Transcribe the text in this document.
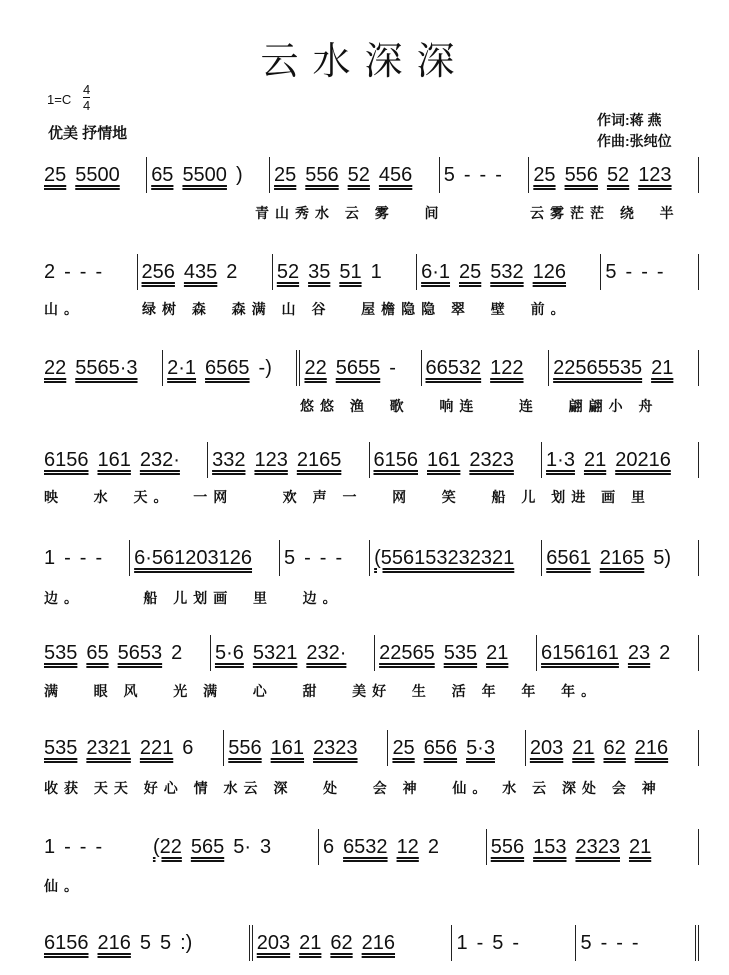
云水深深
1=C
4
4
优美 抒情地
作词:蒋 燕
作曲:张纯位
25 5500 65 5500 ) 25 556 52 456 5 - - - 25 556 52 123
青山秀水 云 雾   间	云雾茫茫 绕  半
2 - - - 256 435 2 52 35 51 1 6·1 25 532 126 5 - - -
山。	绿树 森  森满 山 谷   屋檐隐隐 翠  壁  前。
22 5565·3 2·1 6565 -) 22 5655 - 66532 122 22565535 21
悠悠 渔  歌   响连    连   翩翩小 舟
6156 161 232· 332 123 2165 6156 161 2323 1·3 21 20216
映   水  天。  一网     欢 声 一   网   笑   船 儿 划进 画 里
1 - - - 6·561203126 5 - - - (556153232321 6561 2165 5)
边。      船 儿划画  里   边。
535 65 5653 2 5·6 5321 232· 22565 535 21 6156161 23 2
满   眼 风   光 满   心   甜   美好  生  活 年  年  年。
535 2321 221 6 556 161 2323 25 656 5·3 203 21 62 216
收获 天天 好心 情 水云 深   处   会 神   仙。 水 云 深处 会 神
1 - - -	(22 565 5· 3	6 6532 12 2	556 153 2323 21
仙。
6156 216 5 5 :)	203 21 62 216	1 - 5 -	5 - - -
